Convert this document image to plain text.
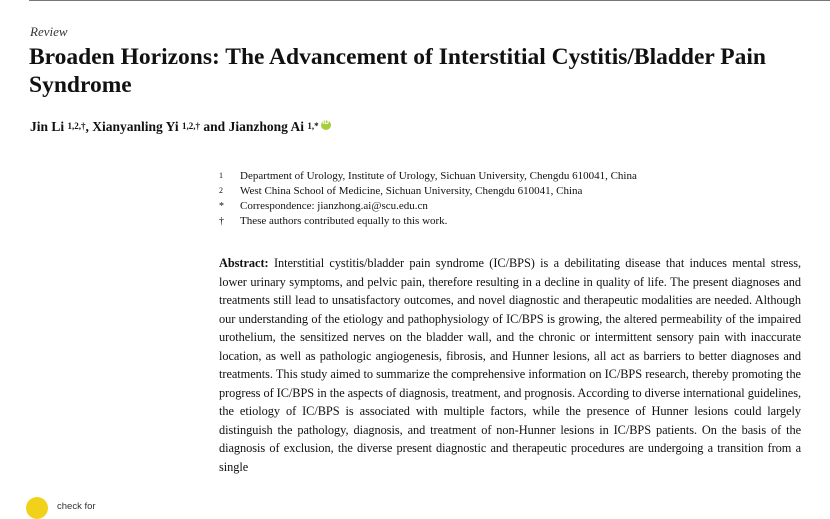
Review
Broaden Horizons: The Advancement of Interstitial Cystitis/Bladder Pain Syndrome
Jin Li $^{1,2,\dagger}$, Xianyanling Yi $^{1,2,\dagger}$ and Jianzhong Ai $^{1,*}$ iD
1 Department of Urology, Institute of Urology, Sichuan University, Chengdu 610041, China
2 West China School of Medicine, Sichuan University, Chengdu 610041, China
* Correspondence: jianzhong.ai@scu.edu.cn
† These authors contributed equally to this work.

Abstract: Interstitial cystitis/bladder pain syndrome (IC/BPS) is a debilitating disease that induces mental stress, lower urinary symptoms, and pelvic pain, therefore resulting in a decline in quality of life. The present diagnoses and treatments still lead to unsatisfactory outcomes, and novel diagnostic and therapeutic modalities are needed. Although our understanding of the etiology and pathophysiology of IC/BPS is growing, the altered permeability of the impaired urothelium, the sensitized nerves on the bladder wall, and the chronic or intermittent sensory pain with inaccurate location, as well as pathologic angiogenesis, fibrosis, and Hunner lesions, all act as barriers to better diagnoses and treatments. This study aimed to summarize the comprehensive information on IC/BPS research, thereby promoting the progress of IC/BPS in the aspects of diagnosis, treatment, and prognosis. According to diverse international guidelines, the etiology of IC/BPS is associated with multiple factors, while the presence of Hunner lesions could largely distinguish the pathology, diagnosis, and treatment of non-Hunner lesions in IC/BPS patients. On the basis of the diagnosis of exclusion, the diverse present diagnostic and therapeutic procedures are undergoing a transition from a single

check for
